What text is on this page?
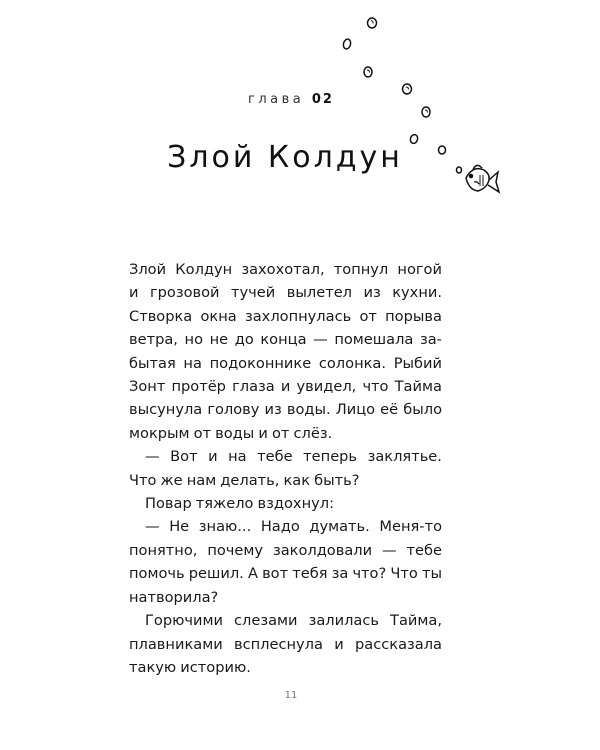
глава 02
Злой Колдун
Злой Колдун захохотал, топнул ногой
и грозовой тучей вылетел из кухни.
Створка окна захлопнулась от порыва
ветра, но не до конца — помешала за-
бытая на подоконнике солонка. Рыбий
Зонт протёр глаза и увидел, что Тайма
высунула голову из воды. Лицо её было
мокрым от воды и от слёз.
— Вот и на тебе теперь заклятье.
Что же нам делать, как быть?
Повар тяжело вздохнул:
— Не знаю... Надо думать. Меня-то
понятно, почему заколдовали — тебе
помочь решил. А вот тебя за что? Что ты
натворила?
Горючими слезами залилась Тайма,
плавниками всплеснула и рассказала
такую историю.
11
